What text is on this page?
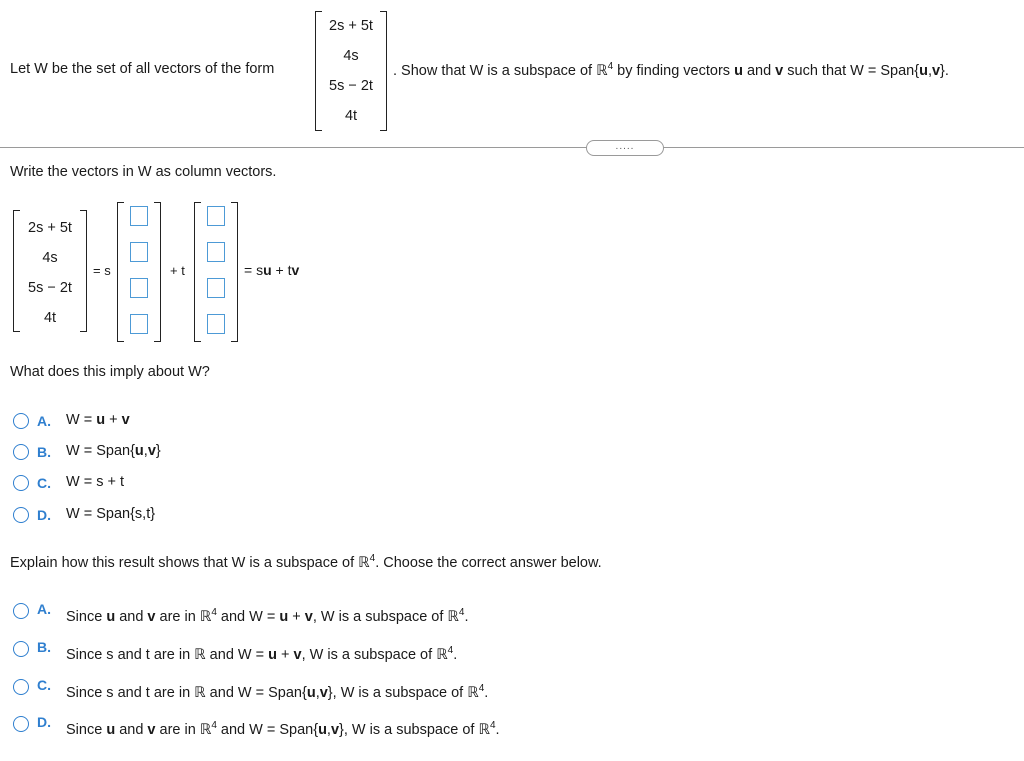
Let W be the set of all vectors of the form
2s + 5t
4s
5s − 2t
4t
. Show that W is a subspace of ℝ$^4$ by finding vectors u and v such that W = Span{u,v}.
.....
Write the vectors in W as column vectors.
2s + 5t
4s
5s − 2t
4t
= s	+ t	= su + tv
What does this imply about W?
A. W = u + v
B. W = Span{u,v}
C. W = s + t
D. W = Span{s,t}
Explain how this result shows that W is a subspace of ℝ$^4$. Choose the correct answer below.
A. Since u and v are in ℝ$^4$ and W = u + v, W is a subspace of ℝ$^4$.
B. Since s and t are in ℝ and W = u + v, W is a subspace of ℝ$^4$.
C. Since s and t are in ℝ and W = Span{u,v}, W is a subspace of ℝ$^4$.
D. Since u and v are in ℝ$^4$ and W = Span{u,v}, W is a subspace of ℝ$^4$.
